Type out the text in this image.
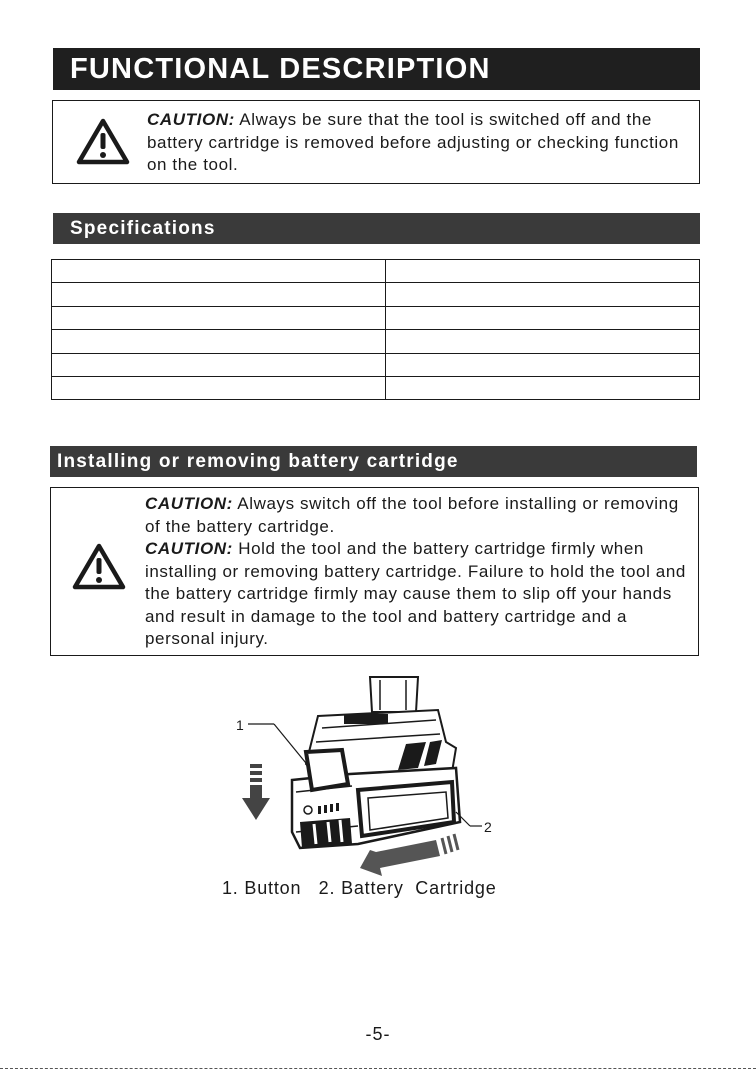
FUNCTIONAL DESCRIPTION
CAUTION: Always be sure that the tool is switched off and the battery cartridge is removed before adjusting or checking function on the tool.
Specifications

Installing or removing battery cartridge
CAUTION: Always switch off the tool before installing or removing of the battery cartridge.
CAUTION: Hold the tool and the battery cartridge firmly when installing or removing battery cartridge. Failure to hold the tool and the battery cartridge firmly may cause them to slip off your hands and result in damage to the tool and battery cartridge and a personal injury.
1
2
1. Button   2. Battery  Cartridge
-5-
